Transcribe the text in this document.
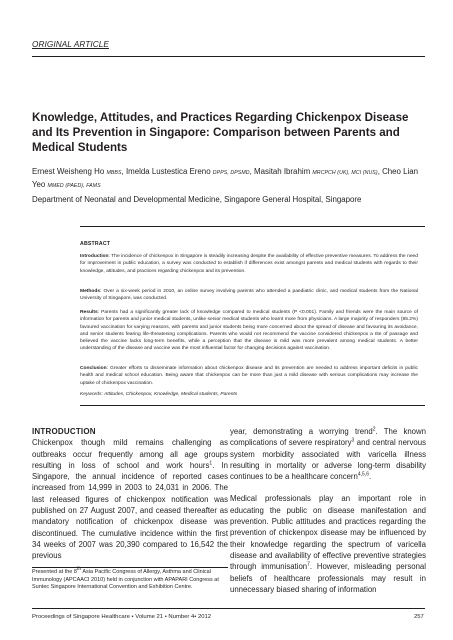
ORIGINAL ARTICLE
Knowledge, Attitudes, and Practices Regarding Chickenpox Disease and Its Prevention in Singapore: Comparison between Parents and Medical Students
Ernest Weisheng Ho MBBS, Imelda Lustestica Ereno DPPS, DPSMD, Masitah Ibrahim MRCPCH (UK), MCI (NUS), Cheo Lian Yeo MMED (PAED), FAMS
Department of Neonatal and Developmental Medicine, Singapore General Hospital, Singapore
ABSTRACT
Introduction: The incidence of chickenpox in Singapore is steadily increasing despite the availability of effective preventive measures. To address the need for improvement in public education, a survey was conducted to establish if differences exist amongst parents and medical students with regards to their knowledge, attitudes, and practices regarding chickenpox and its prevention.
Methods: Over a six-week period in 2010, an online survey involving parents who attended a paediatric clinic, and medical students from the National University of Singapore, was conducted.
Results: Parents had a significantly greater lack of knowledge compared to medical students (P <0.001). Family and friends were the main source of information for parents and junior medical students, unlike senior medical students who learnt more from physicians. A large majority of responders (85.2%) favoured vaccination for varying reasons, with parents and junior students being more concerned about the spread of disease and favouring its avoidance, and senior students fearing life-threatening complications. Parents who would not recommend the vaccine considered chickenpox a rite of passage and believed the vaccine lacks long-term benefits, while a perception that the disease is mild was more prevalent among medical students. A better understanding of the disease and vaccine was the most influential factor for changing decisions against vaccination.
Conclusion: Greater efforts to disseminate information about chickenpox disease and its prevention are needed to address important deficits in public health and medical school education. Being aware that chickenpox can be more than just a mild disease with serious complications may increase the uptake of chickenpox vaccination.
Keywords: Attitudes, Chickenpox, Knowledge, Medical students, Parents
INTRODUCTION
Chickenpox though mild remains challenging as outbreaks occur frequently among all age groups resulting in loss of school and work hours$^1$. In Singapore, the annual incidence of reported cases increased from 14,999 in 2003 to 24,031 in 2006. The last released figures of chickenpox notification was published on 27 August 2007, and ceased thereafter as mandatory notification of chickenpox disease was discontinued. The cumulative incidence within the first 34 weeks of 2007 was 20,390 compared to 16,542 the previous
year, demonstrating a worrying trend$^2$. The known complications of severe respiratory$^3$ and central nervous system morbidity associated with varicella illness resulting in mortality or adverse long-term disability continues to be a healthcare concern$^{4,5,6}$.
Medical professionals play an important role in educating the public on disease manifestation and prevention. Public attitudes and practices regarding the prevention of chickenpox disease may be influenced by their knowledge regarding the spectrum of varicella disease and availability of effective preventive strategies through immunisation$^7$. However, misleading personal beliefs of healthcare professionals may result in unnecessary biased sharing of information
Presented at the 8th Asia Pacific Congress of Allergy, Asthma and Clinical Immunology (APCAACI 2010) held in conjunction with APAPARI Congress at Suntec Singapore International Convention and Exhibition Centre.
Proceedings of Singapore Healthcare • Volume 21 • Number 4• 2012	257
